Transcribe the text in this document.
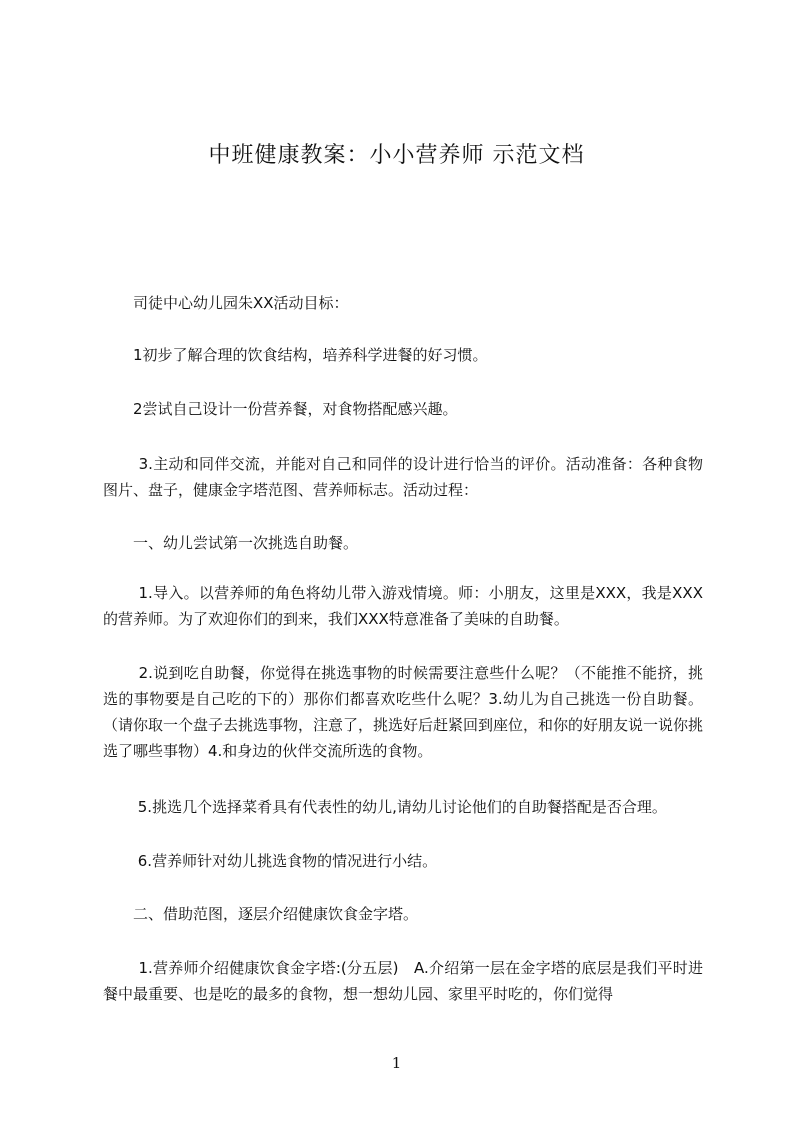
中班健康教案：小小营养师 示范文档

　　司徒中心幼儿园朱XX活动目标：

　　1初步了解合理的饮食结构，培养科学进餐的好习惯。

　　2尝试自己设计一份营养餐，对食物搭配感兴趣。

　　 3.主动和同伴交流，并能对自己和同伴的设计进行恰当的评价。活动准备：各种食物图片、盘子，健康金字塔范图、营养师标志。活动过程：

　　一、幼儿尝试第一次挑选自助餐。

　　 1.导入。以营养师的角色将幼儿带入游戏情境。师：小朋友，这里是XXX，我是XXX的营养师。为了欢迎你们的到来，我们XXX特意准备了美味的自助餐。

　　 2.说到吃自助餐，你觉得在挑选事物的时候需要注意些什么呢？（不能推不能挤，挑选的事物要是自己吃的下的）那你们都喜欢吃些什么呢？3.幼儿为自己挑选一份自助餐。（请你取一个盘子去挑选事物，注意了，挑选好后赶紧回到座位，和你的好朋友说一说你挑选了哪些事物）4.和身边的伙伴交流所选的食物。

　　 5.挑选几个选择菜肴具有代表性的幼儿,请幼儿讨论他们的自助餐搭配是否合理。

　　 6.营养师针对幼儿挑选食物的情况进行小结。

　　二、借助范图，逐层介绍健康饮食金字塔。

　　 1.营养师介绍健康饮食金字塔:(分五层)　A.介绍第一层在金字塔的底层是我们平时进餐中最重要、也是吃的最多的食物，想一想幼儿园、家里平时吃的，你们觉得

1
